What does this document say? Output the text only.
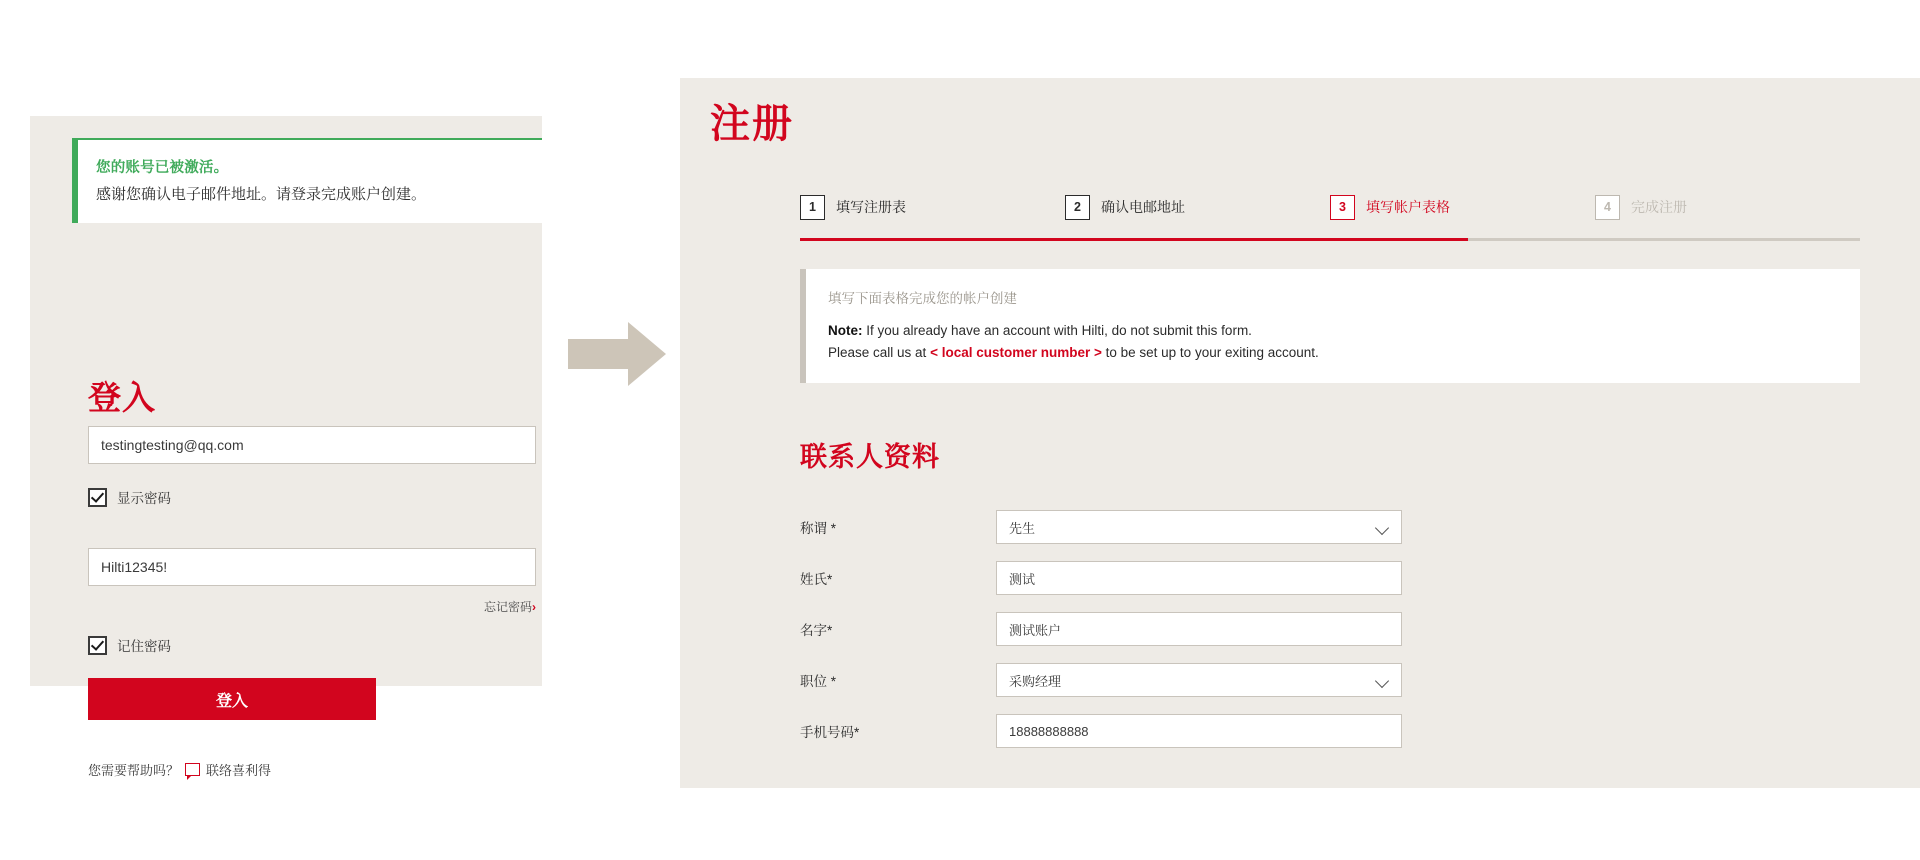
您的账号已被激活。
感谢您确认电子邮件地址。请登录完成账户创建。
登入
testingtesting@qq.com
显示密码
Hilti12345!
忘记密码›
记住密码
登入
您需要帮助吗？ 联络喜利得
注册
1	填写注册表	2	确认电邮地址	3	填写帐户表格	4	完成注册
填写下面表格完成您的帐户创建
Note: If you already have an account with Hilti, do not submit this form.
Please call us at < local customer number > to be set up to your exiting account.
联系人资料
称谓 *	先生
姓氏*	测试
名字*	测试账户
职位 *	采购经理
手机号码*	18888888888
